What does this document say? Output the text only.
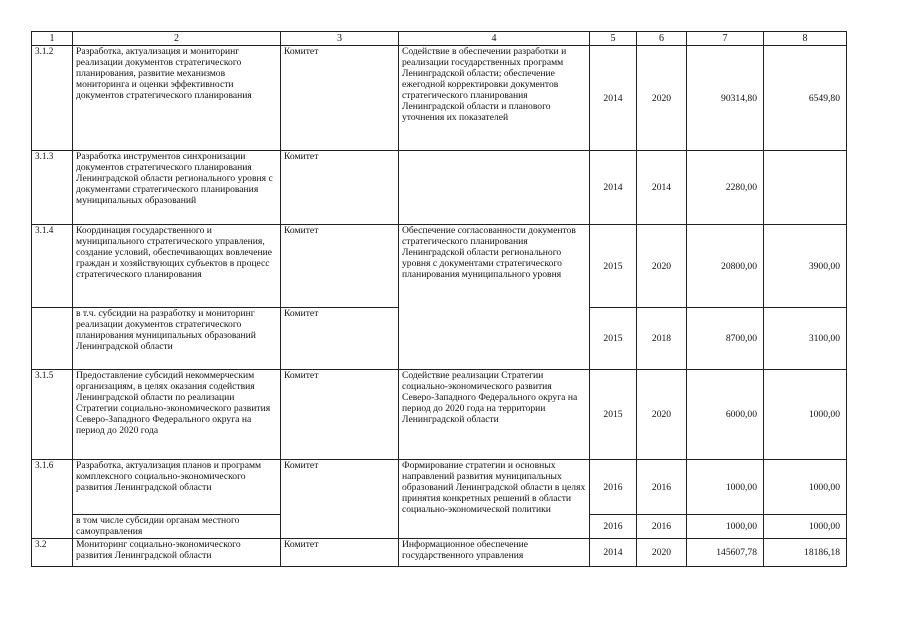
1	2	3	4	5	6	7	8
3.1.2	Разработка, актуализация и мониторинг реализации документов стратегического планирования, развитие механизмов мониторинга и оценки эффективности документов стратегического планирования	Комитет	Содействие в обеспечении разработки и реализации государственных программ Ленинградской области; обеспечение ежегодной корректировки документов стратегического планирования Ленинградской области и планового уточнения их показателей	2014	2020	90314,80	6549,80
3.1.3	Разработка инструментов синхронизации документов стратегического планирования Ленинградской области регионального уровня с документами стратегического планирования муниципальных образований	Комитет		2014	2014	2280,00	
3.1.4	Координация государственного и муниципального стратегического управления, создание условий, обеспечивающих вовлечение граждан и хозяйствующих субъектов в процесс стратегического планирования	Комитет	Обеспечение согласованности документов стратегического планирования Ленинградской области регионального уровня с документами стратегического планирования муниципального уровня	2015	2020	20800,00	3900,00
	в т.ч. субсидии на разработку и мониторинг реализации документов стратегического планирования муниципальных образований Ленинградской области	Комитет		2015	2018	8700,00	3100,00
3.1.5	Предоставление субсидий некоммерческим организациям, в целях оказания содействия Ленинградской области по реализации Стратегии социально-экономического развития Северо-Западного Федерального округа на период до 2020 года	Комитет	Содействие реализации Стратегии социально-экономического развития Северо-Западного Федерального округа на период до 2020 года на территории Ленинградской области	2015	2020	6000,00	1000,00
3.1.6	Разработка, актуализация планов и программ комплексного социально-экономического развития Ленинградской области	Комитет	Формирование стратегии и основных направлений развития муниципальных образований Ленинградской области в целях принятия конкретных решений в области социально-экономической политики	2016	2016	1000,00	1000,00
	в том числе субсидии органам местного самоуправления			2016	2016	1000,00	1000,00
3.2	Мониторинг социально-экономического развития Ленинградской области	Комитет	Информационное обеспечение государственного управления	2014	2020	145607,78	18186,18
